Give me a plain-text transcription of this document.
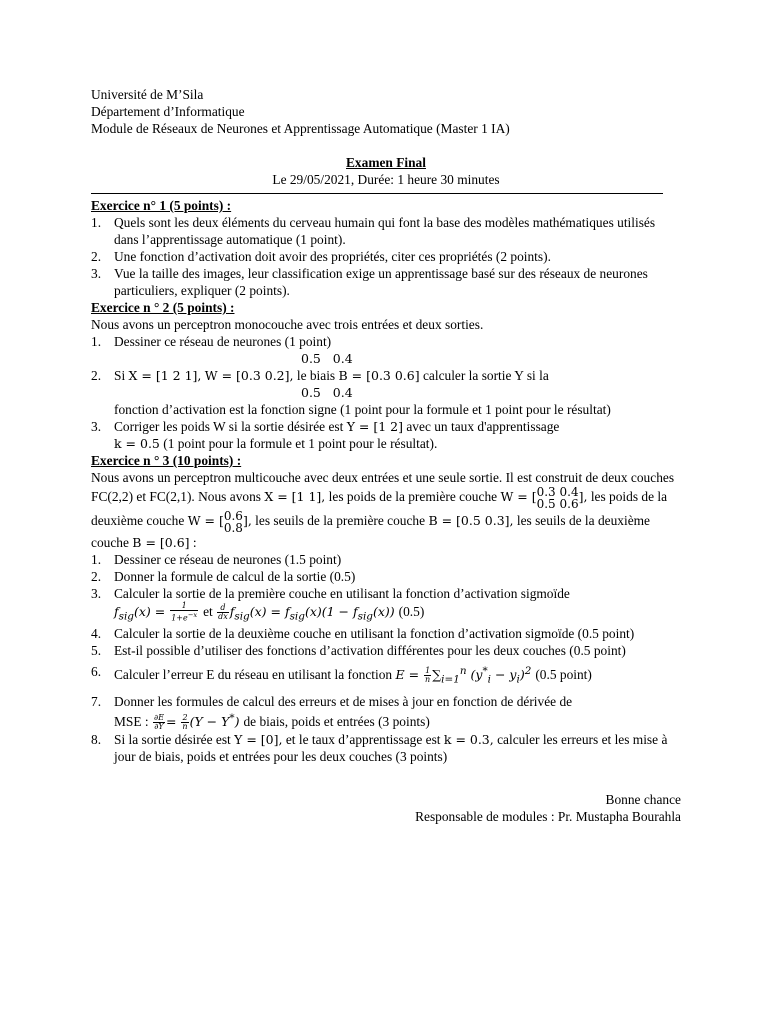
Université de M’Sila
Département d’Informatique
Module de Réseaux de Neurones et Apprentissage Automatique (Master 1 IA)
Examen Final
Le 29/05/2021, Durée: 1 heure 30 minutes
Exercice n° 1 (5 points) :
1. Quels sont les deux éléments du cerveau humain qui font la base des modèles mathématiques utilisés dans l’apprentissage automatique (1 point).
2. Une fonction d’activation doit avoir des propriétés, citer ces propriétés (2 points).
3. Vue la taille des images, leur classification exige un apprentissage basé sur des réseaux de neurones particuliers, expliquer (2 points).
Exercice n ° 2 (5 points) :
Nous avons un perceptron monocouche avec trois entrées et deux sorties.
1. Dessiner ce réseau de neurones (1 point)
0.5   0.4
2. Si X = [1 2 1], W = [0.3 0.2], le biais B = [0.3 0.6] calculer la sortie Y si la
0.5   0.4
fonction d’activation est la fonction signe (1 point pour la formule et 1 point pour le résultat)
3. Corriger les poids W si la sortie désirée est Y = [1 2] avec un taux d'apprentissage
k = 0.5 (1 point pour la formule et 1 point pour le résultat).
Exercice n ° 3 (10 points) :
Nous avons un perceptron multicouche avec deux entrées et une seule sortie. Il est construit de deux couches FC(2,2) et FC(2,1). Nous avons X = [1 1], les poids de la première couche W = [ 0.3 0.4
0.5 0.6 ], les poids de la deuxième couche W = [ 0.6
0.8 ], les seuils de la première couche B = [0.5 0.3], les seuils de la deuxième couche B = [0.6] :
1. Dessiner ce réseau de neurones (1.5 point)
2. Donner la formule de calcul de la sortie (0.5)
3. Calculer la sortie de la première couche en utilisant la fonction d’activation sigmoïde
$f_{sig}(x) = \frac{1}{1+e^{-x}}$ et $\frac{d}{dx} f_{sig}(x) = f_{sig}(x)(1 - f_{sig}(x))$ (0.5)
4. Calculer la sortie de la deuxième couche en utilisant la fonction d’activation sigmoïde (0.5 point)
5. Est-il possible d’utiliser des fonctions d’activation différentes pour les deux couches (0.5 point)
6. Calculer l’erreur E du réseau en utilisant la fonction $E = \frac{1}{n} \sum_{i=1}^n$ $(y^*_i - y_i)^2$ (0.5 point)
7. Donner les formules de calcul des erreurs et de mises à jour en fonction de dérivée de
MSE : $\frac{\partial E}{\partial Y} = \frac{2}{n} (Y - Y^*)$ de biais, poids et entrées (3 points)
8. Si la sortie désirée est Y = [0], et le taux d’apprentissage est k = 0.3, calculer les erreurs et les mise à jour de biais, poids et entrées pour les deux couches (3 points)
Bonne chance
Responsable de modules : Pr. Mustapha Bourahla
